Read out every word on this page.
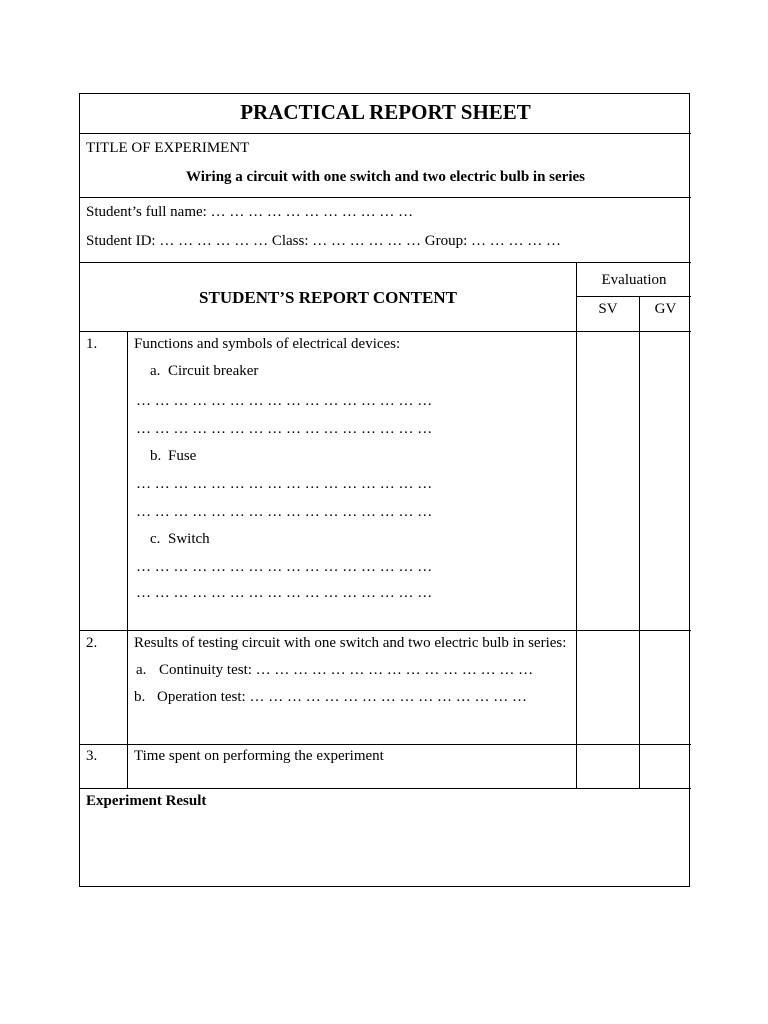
PRACTICAL REPORT SHEET
TITLE OF EXPERIMENT
Wiring a circuit with one switch and two electric bulb in series
Student’s full name: … … … … … … … … … … …
Student ID: … … … … … … Class: … … … … … … Group: … … … … …
STUDENT’S REPORT CONTENT
Evaluation
SV	GV
1. Functions and symbols of electrical devices:
a. Circuit breaker
… … … … … … … … … … … … … … … …
… … … … … … … … … … … … … … … …
b. Fuse
… … … … … … … … … … … … … … … …
… … … … … … … … … … … … … … … …
c. Switch
… … … … … … … … … … … … … … … …
… … … … … … … … … … … … … … … …
2. Results of testing circuit with one switch and two electric bulb in series:
a. Continuity test: … … … … … … … … … … … … … … …
b. Operation test: … … … … … … … … … … … … … … …
3. Time spent on performing the experiment
Experiment Result
